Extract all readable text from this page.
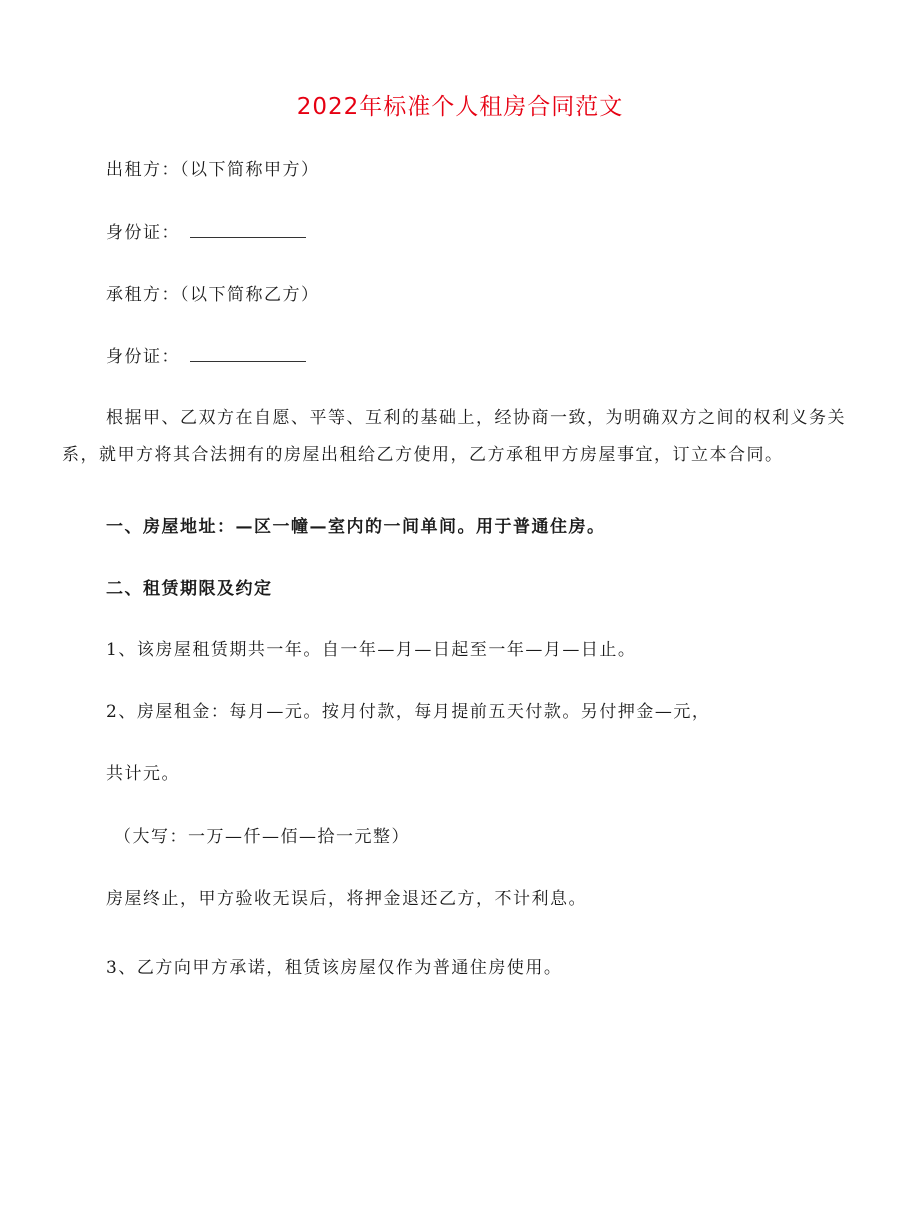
2022年标准个人租房合同范文
出租方：（以下简称甲方）
身份证：
承租方：（以下简称乙方）
身份证：
根据甲、乙双方在自愿、平等、互利的基础上，经协商一致，为明确双方之间的权利义务关系，就甲方将其合法拥有的房屋出租给乙方使用，乙方承租甲方房屋事宜，订立本合同。
一、房屋地址：—区一幢—室内的一间单间。用于普通住房。
二、租赁期限及约定
1、该房屋租赁期共一年。自一年—月—日起至一年—月—日止。
2、房屋租金：每月—元。按月付款，每月提前五天付款。另付押金—元，
共计元。
（大写：一万—仟—佰—拾一元整）
房屋终止，甲方验收无误后，将押金退还乙方，不计利息。
3、乙方向甲方承诺，租赁该房屋仅作为普通住房使用。
